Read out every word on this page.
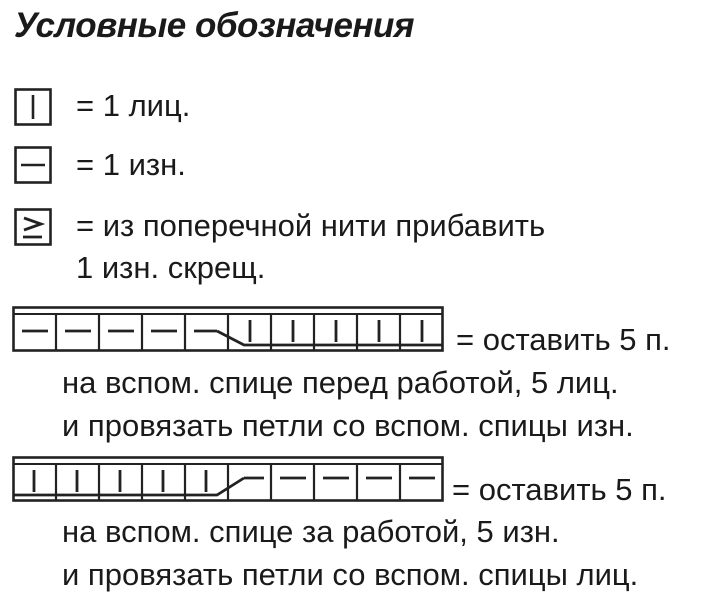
Условные обозначения
= 1 лиц.
= 1 изн.
= из поперечной нити прибавить
1 изн. скрещ.
= оставить 5 п.
на вспом. спице перед работой, 5 лиц.
и провязать петли со вспом. спицы изн.
= оставить 5 п.
на вспом. спице за работой, 5 изн.
и провязать петли со вспом. спицы лиц.
